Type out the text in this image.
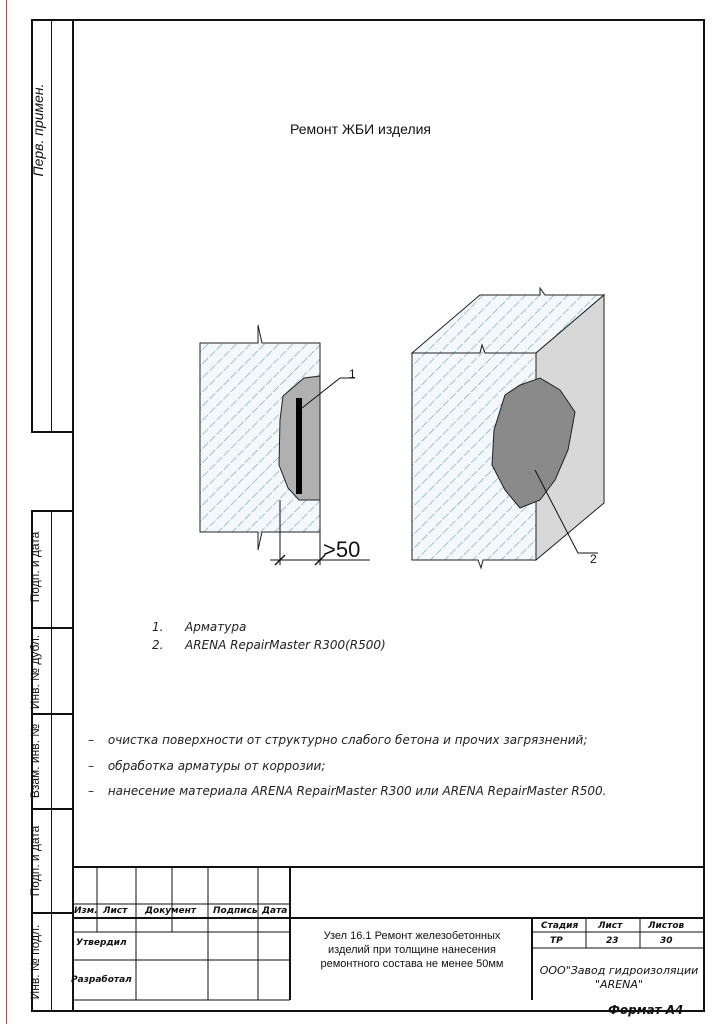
Перв. примен.
Подп. и дата
Инв. № дубл.
Взам. инв. №
Подп. и дата
Инв. № подл.
Ремонт ЖБИ изделия
1
2
>50
1. Арматура
2. ARENA RepairMaster R300(R500)
– очистка поверхности от структурно слабого бетона и прочих загрязнений;
– обработка арматуры от коррозии;
– нанесение материала ARENA RepairMaster R300 или ARENA RepairMaster R500.
Изм. Лист Документ Подпись Дата
Утвердил
Разработал
Узел 16.1 Ремонт железобетонных изделий при толщине нанесения ремонтного состава не менее 50мм
Стадия Лист	Листов
ТР	23	30
ООО"Завод гидроизоляции "ARENA"
Формат А4
